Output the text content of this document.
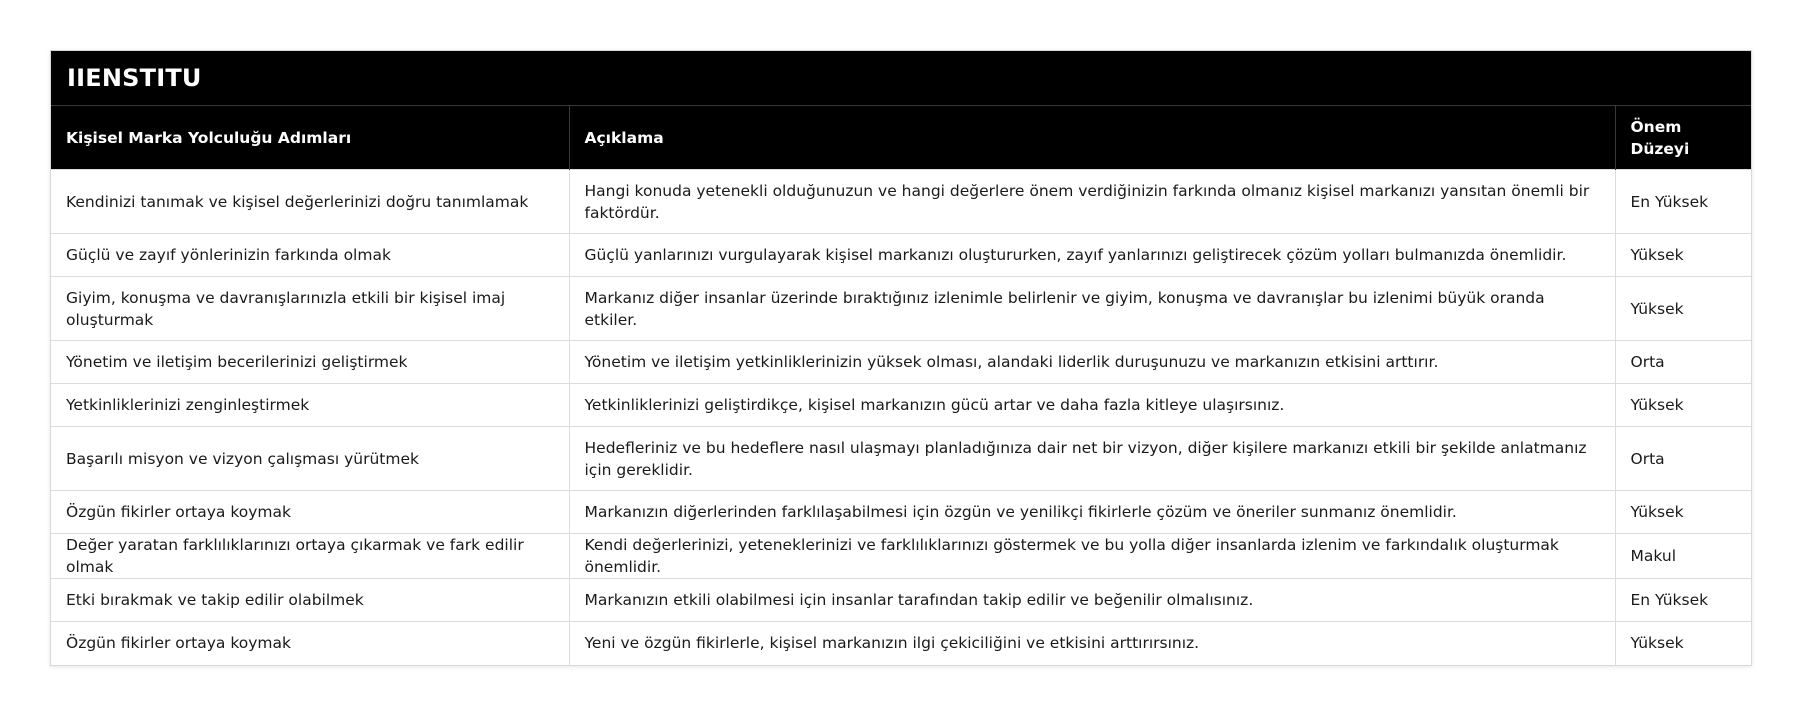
IIENSTITU
Kişisel Marka Yolculuğu Adımları	Açıklama	Önem Düzeyi
Kendinizi tanımak ve kişisel değerlerinizi doğru tanımlamak	Hangi konuda yetenekli olduğunuzun ve hangi değerlere önem verdiğinizin farkında olmanız kişisel markanızı yansıtan önemli bir faktördür.	En Yüksek
Güçlü ve zayıf yönlerinizin farkında olmak	Güçlü yanlarınızı vurgulayarak kişisel markanızı oluştururken, zayıf yanlarınızı geliştirecek çözüm yolları bulmanızda önemlidir.	Yüksek
Giyim, konuşma ve davranışlarınızla etkili bir kişisel imaj oluşturmak	Markanız diğer insanlar üzerinde bıraktığınız izlenimle belirlenir ve giyim, konuşma ve davranışlar bu izlenimi büyük oranda etkiler.	Yüksek
Yönetim ve iletişim becerilerinizi geliştirmek	Yönetim ve iletişim yetkinliklerinizin yüksek olması, alandaki liderlik duruşunuzu ve markanızın etkisini arttırır.	Orta
Yetkinliklerinizi zenginleştirmek	Yetkinliklerinizi geliştirdikçe, kişisel markanızın gücü artar ve daha fazla kitleye ulaşırsınız.	Yüksek
Başarılı misyon ve vizyon çalışması yürütmek	Hedefleriniz ve bu hedeflere nasıl ulaşmayı planladığınıza dair net bir vizyon, diğer kişilere markanızı etkili bir şekilde anlatmanız için gereklidir.	Orta
Özgün fikirler ortaya koymak	Markanızın diğerlerinden farklılaşabilmesi için özgün ve yenilikçi fikirlerle çözüm ve öneriler sunmanız önemlidir.	Yüksek
Değer yaratan farklılıklarınızı ortaya çıkarmak ve fark edilir olmak	Kendi değerlerinizi, yeteneklerinizi ve farklılıklarınızı göstermek ve bu yolla diğer insanlarda izlenim ve farkındalık oluşturmak önemlidir.	Makul
Etki bırakmak ve takip edilir olabilmek	Markanızın etkili olabilmesi için insanlar tarafından takip edilir ve beğenilir olmalısınız.	En Yüksek
Özgün fikirler ortaya koymak	Yeni ve özgün fikirlerle, kişisel markanızın ilgi çekiciliğini ve etkisini arttırırsınız.	Yüksek
